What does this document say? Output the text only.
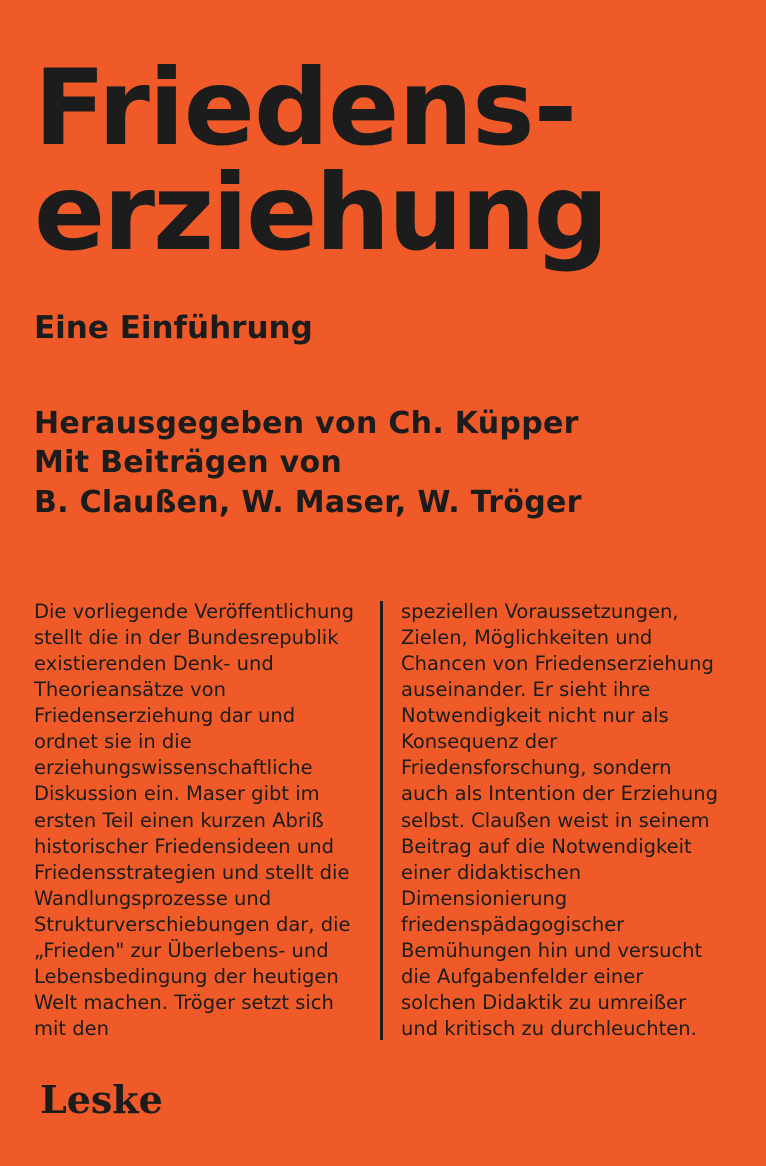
Friedens-
erziehung
Eine Einführung
Herausgegeben von Ch. Küpper
Mit Beiträgen von
B. Claußen, W. Maser, W. Tröger
Die vorliegende Veröffentlichung stellt die in der Bundesrepublik existierenden Denk- und Theorieansätze von Friedenserziehung dar und ordnet sie in die erziehungswissenschaftliche Diskussion ein. Maser gibt im ersten Teil einen kurzen Abriß historischer Friedensideen und Friedensstrategien und stellt die Wandlungsprozesse und Strukturverschiebungen dar, die „Frieden" zur Überlebens- und Lebensbedingung der heutigen Welt machen. Tröger setzt sich mit den
speziellen Voraussetzungen, Zielen, Möglichkeiten und Chancen von Friedenserziehung auseinander. Er sieht ihre Notwendigkeit nicht nur als Konsequenz der Friedensforschung, sondern auch als Intention der Erziehung selbst. Claußen weist in seinem Beitrag auf die Notwendigkeit einer didaktischen Dimensionierung friedenspädagogischer Bemühungen hin und versucht die Aufgabenfelder einer solchen Didaktik zu umreißer und kritisch zu durchleuchten.
Leske
